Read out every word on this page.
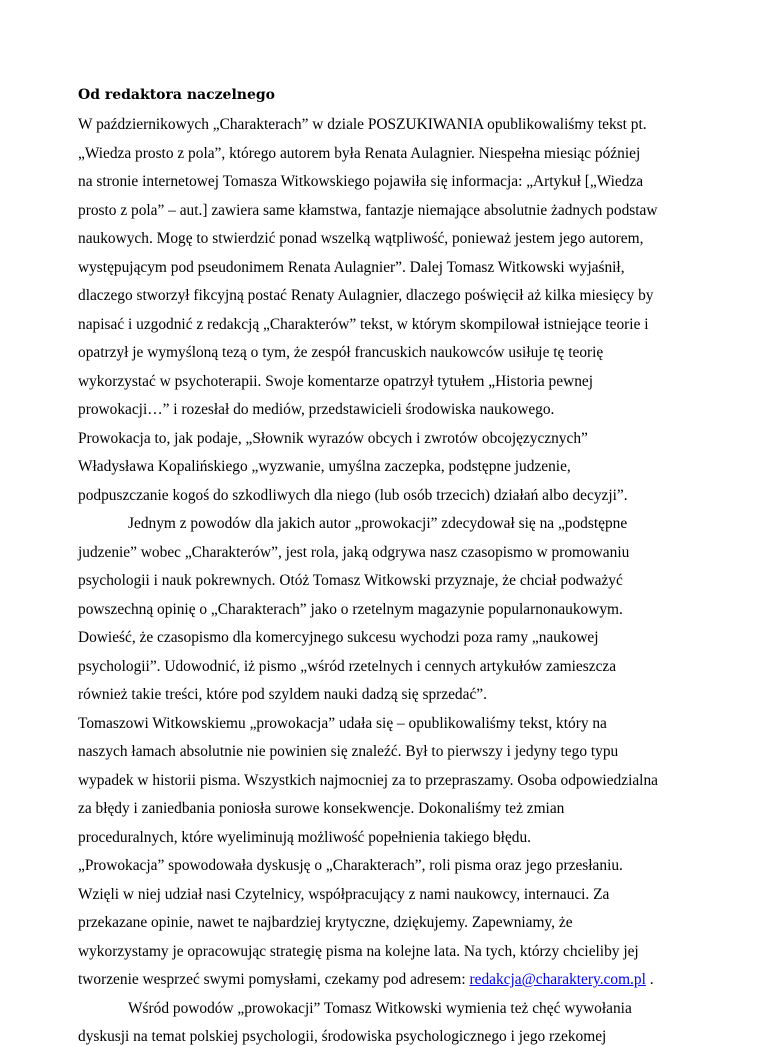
Od redaktora naczelnego
W październikowych „Charakterach” w dziale POSZUKIWANIA opublikowaliśmy tekst pt.
„Wiedza prosto z pola”, którego autorem była Renata Aulagnier. Niespełna miesiąc później
na stronie internetowej Tomasza Witkowskiego pojawiła się informacja: „Artykuł [„Wiedza
prosto z pola” – aut.] zawiera same kłamstwa, fantazje niemające absolutnie żadnych podstaw
naukowych. Mogę to stwierdzić ponad wszelką wątpliwość, ponieważ jestem jego autorem,
występującym pod pseudonimem Renata Aulagnier”. Dalej Tomasz Witkowski wyjaśnił,
dlaczego stworzył fikcyjną postać Renaty Aulagnier, dlaczego poświęcił aż kilka miesięcy by
napisać i uzgodnić z redakcją „Charakterów” tekst, w którym skompilował istniejące teorie i
opatrzył je wymyśloną tezą o tym, że zespół francuskich naukowców usiłuje tę teorię
wykorzystać w psychoterapii. Swoje komentarze opatrzył tytułem „Historia pewnej
prowokacji…” i rozesłał do mediów, przedstawicieli środowiska naukowego.
Prowokacja to, jak podaje, „Słownik wyrazów obcych i zwrotów obcojęzycznych”
Władysława Kopalińskiego „wyzwanie, umyślna zaczepka, podstępne judzenie,
podpuszczanie kogoś do szkodliwych dla niego (lub osób trzecich) działań albo decyzji”.
Jednym z powodów dla jakich autor „prowokacji” zdecydował się na „podstępne
judzenie” wobec „Charakterów”, jest rola, jaką odgrywa nasz czasopismo w promowaniu
psychologii i nauk pokrewnych. Otóż Tomasz Witkowski przyznaje, że chciał podważyć
powszechną opinię o „Charakterach” jako o rzetelnym magazynie popularnonaukowym.
Dowieść, że czasopismo dla komercyjnego sukcesu wychodzi poza ramy „naukowej
psychologii”. Udowodnić, iż pismo „wśród rzetelnych i cennych artykułów zamieszcza
również takie treści, które pod szyldem nauki dadzą się sprzedać”.
Tomaszowi Witkowskiemu „prowokacja” udała się – opublikowaliśmy tekst, który na
naszych łamach absolutnie nie powinien się znaleźć. Był to pierwszy i jedyny tego typu
wypadek w historii pisma. Wszystkich najmocniej za to przepraszamy. Osoba odpowiedzialna
za błędy i zaniedbania poniosła surowe konsekwencje. Dokonaliśmy też zmian
proceduralnych, które wyeliminują możliwość popełnienia takiego błędu.
„Prowokacja” spowodowała dyskusję o „Charakterach”, roli pisma oraz jego przesłaniu.
Wzięli w niej udział nasi Czytelnicy, współpracujący z nami naukowcy, internauci. Za
przekazane opinie, nawet te najbardziej krytyczne, dziękujemy. Zapewniamy, że
wykorzystamy je opracowując strategię pisma na kolejne lata. Na tych, którzy chcieliby jej
tworzenie wesprzeć swymi pomysłami, czekamy pod adresem: redakcja@charaktery.com.pl .
Wśród powodów „prowokacji” Tomasz Witkowski wymienia też chęć wywołania
dyskusji na temat polskiej psychologii, środowiska psychologicznego i jego rzekomej
